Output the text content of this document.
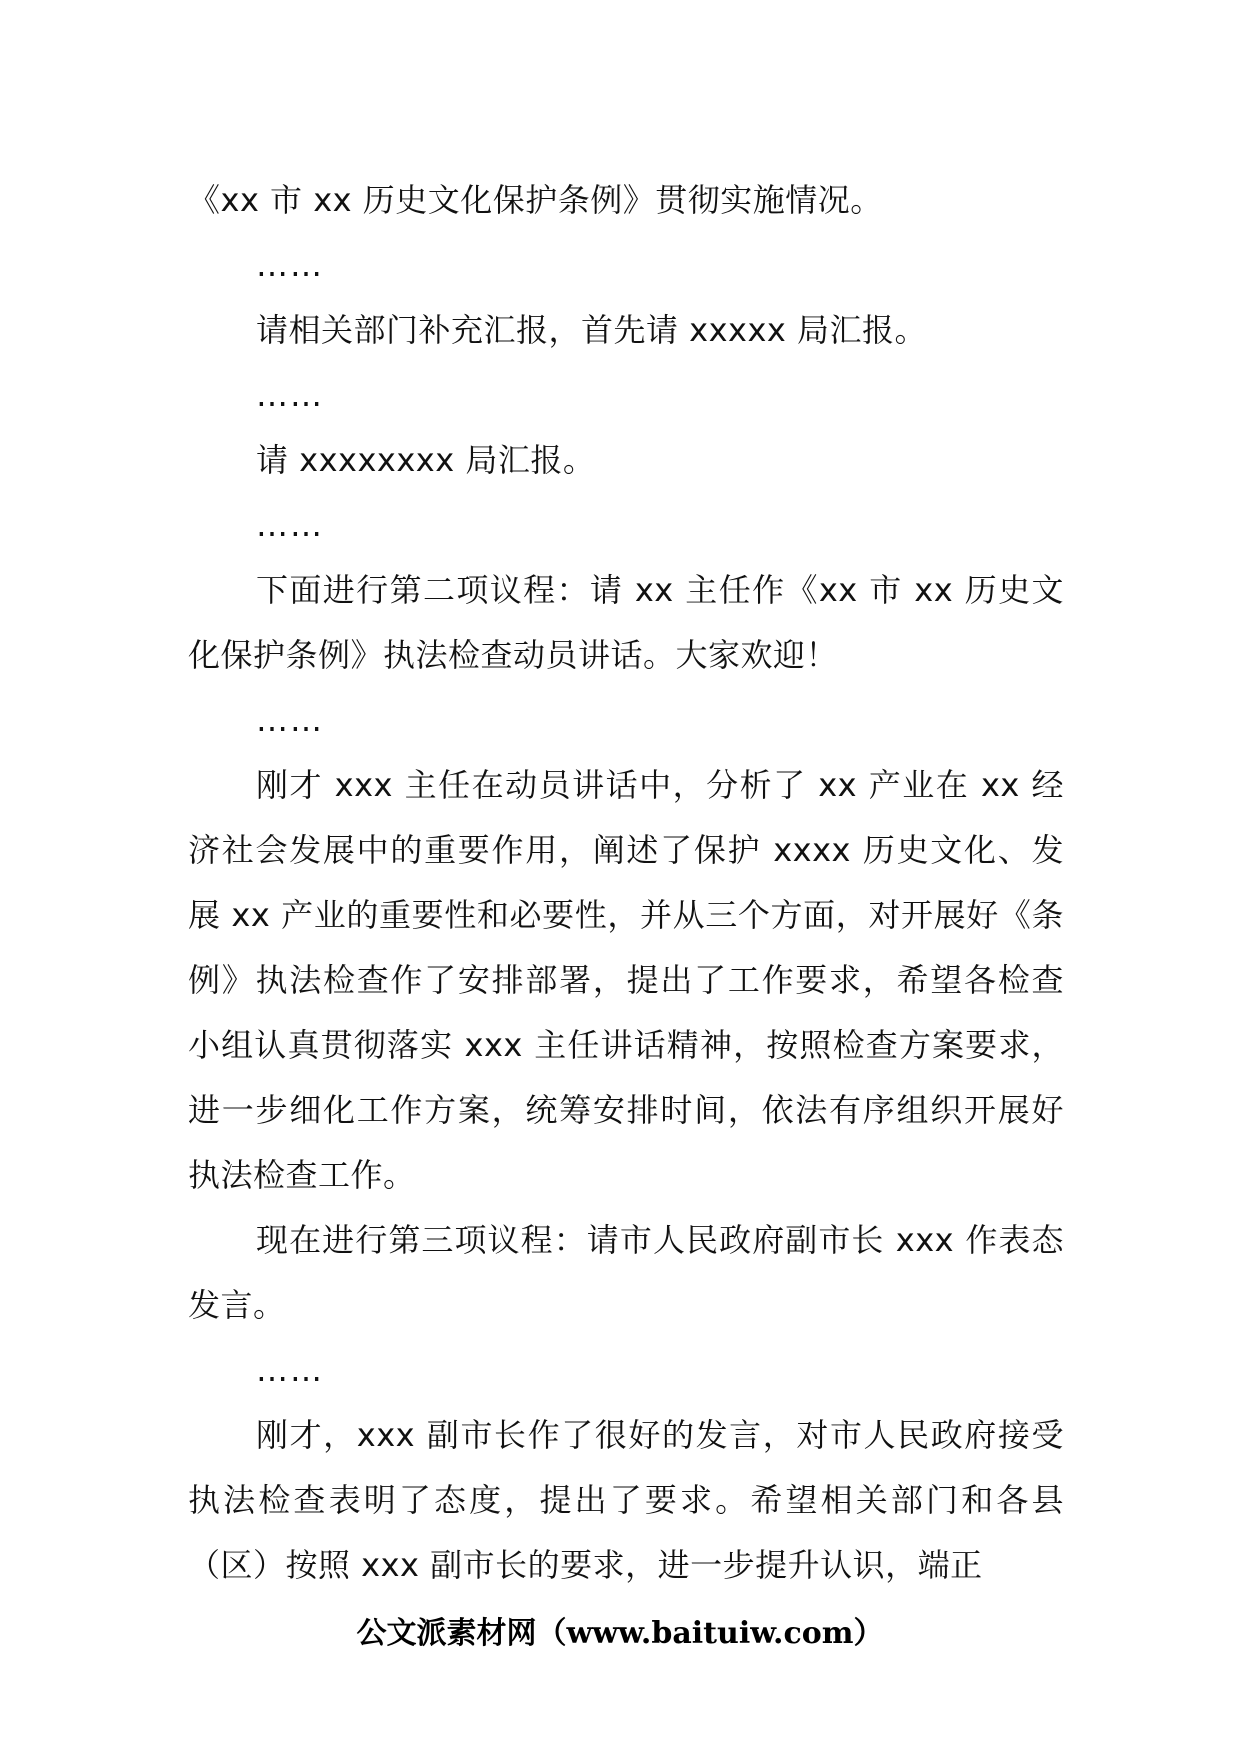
《xx 市 xx 历史文化保护条例》贯彻实施情况。

……

请相关部门补充汇报，首先请 xxxxx 局汇报。

……

请 xxxxxxxx 局汇报。

……

下面进行第二项议程：请 xx 主任作《xx 市 xx 历史文化保护条例》执法检查动员讲话。大家欢迎！

……

刚才 xxx 主任在动员讲话中，分析了 xx 产业在 xx 经济社会发展中的重要作用，阐述了保护 xxxx 历史文化、发展 xx 产业的重要性和必要性，并从三个方面，对开展好《条例》执法检查作了安排部署，提出了工作要求，希望各检查小组认真贯彻落实 xxx 主任讲话精神，按照检查方案要求，进一步细化工作方案，统筹安排时间，依法有序组织开展好执法检查工作。

现在进行第三项议程：请市人民政府副市长 xxx 作表态发言。

……

刚才，xxx 副市长作了很好的发言，对市人民政府接受执法检查表明了态度，提出了要求。希望相关部门和各县（区）按照 xxx 副市长的要求，进一步提升认识，端正

公文派素材网（www.baituiw.com）
